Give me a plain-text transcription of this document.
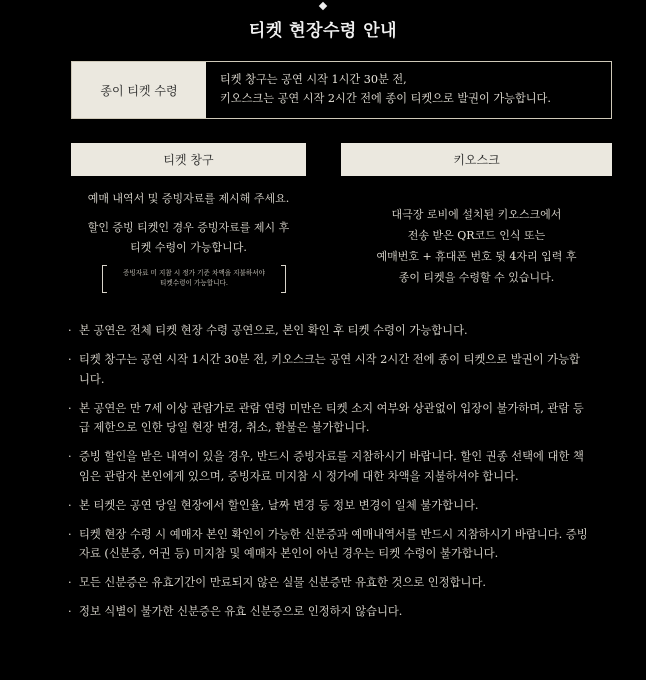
티켓 현장수령 안내
종이 티켓 수령
티켓 창구는 공연 시작 1시간 30분 전,
키오스크는 공연 시작 2시간 전에 종이 티켓으로 발권이 가능합니다.
티켓 창구	키오스크
예매 내역서 및 증빙자료를 제시해 주세요.
할인 증빙 티켓인 경우 증빙자료를 제시 후
티켓 수령이 가능합니다.
증빙자료 미 지참 시 정가 기준 차액을 지불하셔야
티켓수령이 가능합니다.
대극장 로비에 설치된 키오스크에서
전송 받은 QR코드 인식 또는
예매번호 + 휴대폰 번호 뒷 4자리 입력 후
종이 티켓을 수령할 수 있습니다.
· 본 공연은 전체 티켓 현장 수령 공연으로, 본인 확인 후 티켓 수령이 가능합니다.
· 티켓 창구는 공연 시작 1시간 30분 전, 키오스크는 공연 시작 2시간 전에 종이 티켓으로 발권이 가능합니다.
· 본 공연은 만 7세 이상 관람가로 관람 연령 미만은 티켓 소지 여부와 상관없이 입장이 불가하며, 관람 등급 제한으로 인한 당일 현장 변경, 취소, 환불은 불가합니다.
· 증빙 할인을 받은 내역이 있을 경우, 반드시 증빙자료를 지참하시기 바랍니다. 할인 권종 선택에 대한 책임은 관람자 본인에게 있으며, 증빙자료 미지참 시 정가에 대한 차액을 지불하셔야 합니다.
· 본 티켓은 공연 당일 현장에서 할인율, 날짜 변경 등 정보 변경이 일체 불가합니다.
· 티켓 현장 수령 시 예매자 본인 확인이 가능한 신분증과 예매내역서를 반드시 지참하시기 바랍니다. 증빙자료 (신분증, 여권 등) 미지참 및 예매자 본인이 아닌 경우는 티켓 수령이 불가합니다.
· 모든 신분증은 유효기간이 만료되지 않은 실물 신분증만 유효한 것으로 인정합니다.
· 정보 식별이 불가한 신분증은 유효 신분증으로 인정하지 않습니다.
